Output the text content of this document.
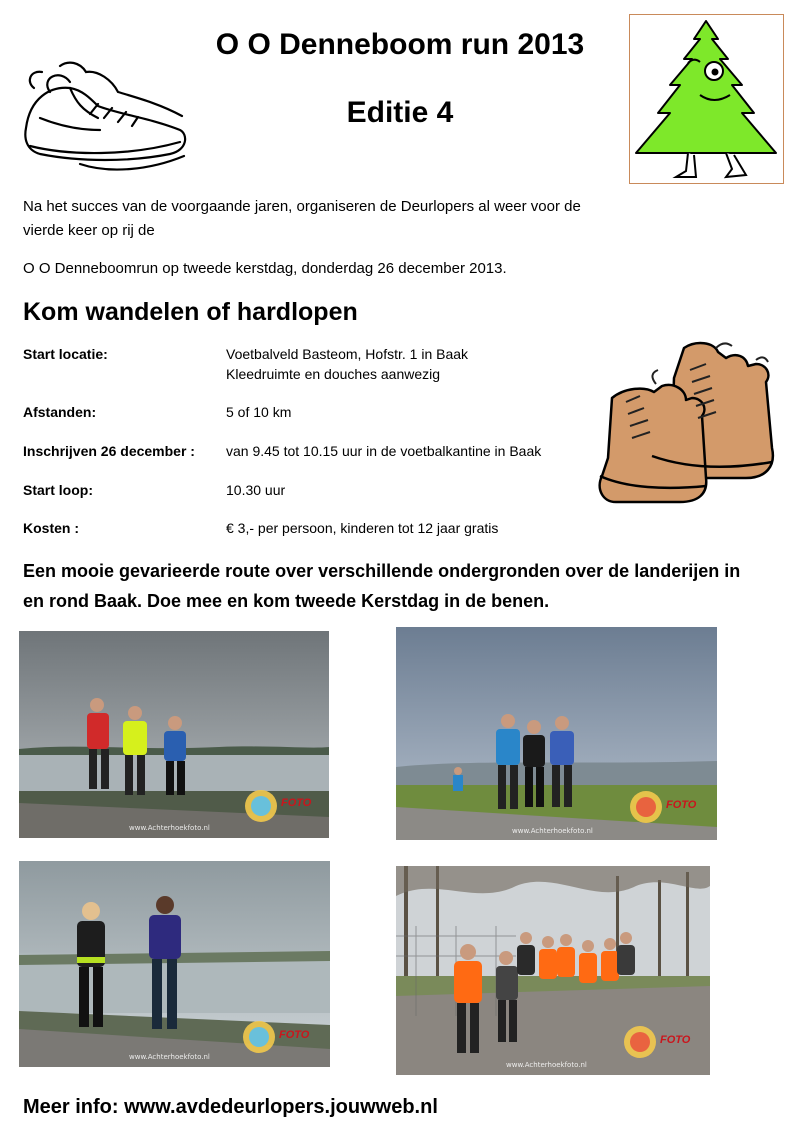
O O Denneboom run 2013
Editie 4
Na het succes van de voorgaande jaren, organiseren de Deurlopers al weer voor de vierde keer op rij de
O O Denneboomrun op tweede kerstdag, donderdag 26 december 2013.
Kom wandelen of hardlopen
Start locatie:	Voetbalveld Basteom, Hofstr. 1 in Baak
Kleedruimte en douches aanwezig
Afstanden:	5 of 10 km
Inschrijven 26 december : van 9.45 tot 10.15 uur in de voetbalkantine in Baak
Start loop:	10.30 uur
Kosten :	€ 3,- per persoon, kinderen tot 12 jaar gratis
Een mooie gevarieerde route over verschillende ondergronden over de landerijen in en rond Baak. Doe mee en kom tweede Kerstdag in de benen.
FOTO
www.Achterhoekfoto.nl
FOTO
www.Achterhoekfoto.nl
FOTO
www.Achterhoekfoto.nl
FOTO
www.Achterhoekfoto.nl
Meer info: www.avdedeurlopers.jouwweb.nl
